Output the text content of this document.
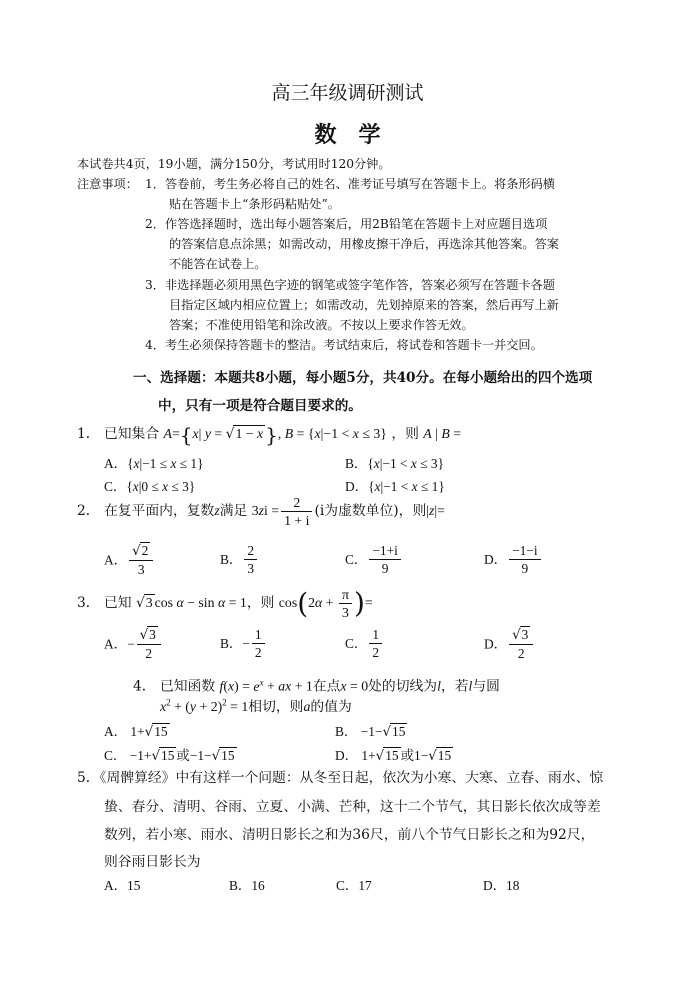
高三年级调研测试
数学
本试卷共4页，19小题，满分150分，考试用时120分钟。
注意事项： 1．答卷前，考生务必将自己的姓名、准考证号填写在答题卡上。将条形码横
贴在答题卡上“条形码粘贴处”。
2．作答选择题时，选出每小题答案后，用2B铅笔在答题卡上对应题目选项
的答案信息点涂黑；如需改动，用橡皮擦干净后，再选涂其他答案。答案
不能答在试卷上。
3．非选择题必须用黑色字迹的钢笔或签字笔作答，答案必须写在答题卡各题
目指定区域内相应位置上；如需改动，先划掉原来的答案，然后再写上新
答案；不准使用铅笔和涂改液。不按以上要求作答无效。
4．考生必须保持答题卡的整洁。考试结束后，将试卷和答题卡一并交回。
一、选择题：本题共8小题，每小题5分，共40分。在每小题给出的四个选项
中，只有一项是符合题目要求的。
1． 已知集合 A={x| y = √1 − x }, B = {x|−1 < x ≤ 3} ，则 A | B =
A．{x|−1 ≤ x ≤ 1}	B．{x|−1 < x ≤ 3}
C．{x|0 ≤ x ≤ 3}	D．{x|−1 < x ≤ 1}
2． 在复平面内，复数z满足 $3zi = \frac{2}{1 + i} (i$为虚数单位)，则|z|=
A． $\frac{√2}{3}$	B． $\frac{2}{3}$	C． $\frac{-1+i}{9}$	D． $\frac{-1-i}{9}$
3． 已知 √3 cos α − sin α = 1，则 $\cos(2\alpha + \frac{\pi}{3}$ )=
A．− $\frac{√3}{2}$	B．− $\frac{1}{2}$	C． $\frac{1}{2}$	D． $\frac{√3}{2}$
4． 已知函数 $f(x) = e^x$ + ax + 1在点x = 0处的切线为l，若l与圆
$x^2 + (y + 2)^2 = 1$相切，则a的值为
A． 1+√15	B． −1−√15
C． −1+√15 或−1−√15	D． 1+√15 或1−√15
5．《周髀算经》中有这样一个问题：从冬至日起，依次为小寒、大寒、立春、雨水、惊
蛰、春分、清明、谷雨、立夏、小满、芒种，这十二个节气，其日影长依次成等差
数列，若小寒、雨水、清明日影长之和为36尺，前八个节气日影长之和为92尺，
则谷雨日影长为
A．15	B．16	C．17	D．18
